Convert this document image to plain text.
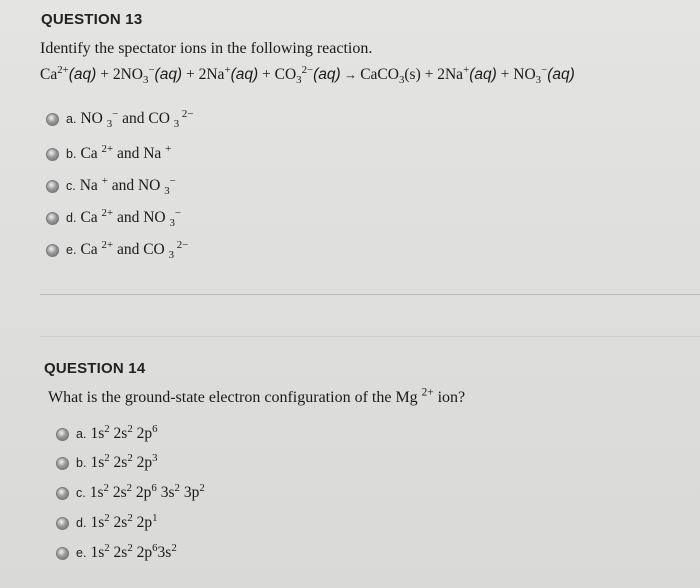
QUESTION 13
Identify the spectator ions in the following reaction.
$Ca^{2+}(aq) + 2NO_3^-(aq) + 2Na^+(aq) + CO_3^{2-}(aq)$ → CaCO$_3$(s) + $2Na^+(aq) + NO_3^-(aq)$
a. NO $_3$− and CO $_3$ $^{2-}$
b. Ca $^{2+}$ and Na +
c. Na + and NO $_3$−
d. Ca $^{2+}$ and NO $_3$−
e. Ca $^{2+}$ and CO $_3$ $^{2-}$
QUESTION 14
What is the ground-state electron configuration of the Mg $^{2+}$ ion?
a. $1s^2$ $2s^2$ $2p^6$
b. $1s^2$ $2s^2$ $2p^3$
c. $1s^2$ $2s^2$ $2p^6$ $3s^2$ $3p^2$
d. $1s^2$ $2s^2$ $2p^1$
e. $1s^2$ $2s^2$ $2p^63s^2$
